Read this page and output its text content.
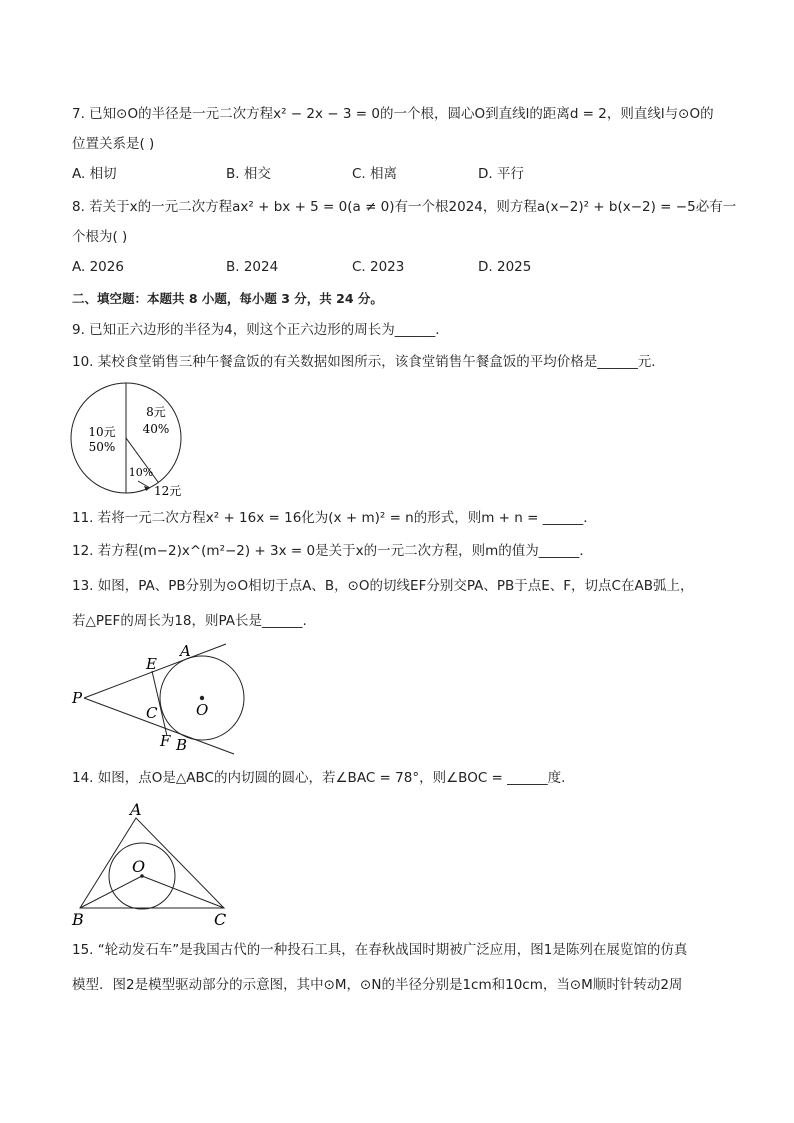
7. 已知⊙O的半径是一元二次方程x² − 2x − 3 = 0的一个根，圆心O到直线l的距离d = 2，则直线l与⊙O的
位置关系是( )
A. 相切	B. 相交	C. 相离	D. 平行
8. 若关于x的一元二次方程ax² + bx + 5 = 0(a ≠ 0)有一个根2024，则方程a(x−2)² + b(x−2) = −5必有一
个根为( )
A. 2026	B. 2024	C. 2023	D. 2025
二、填空题：本题共 8 小题，每小题 3 分，共 24 分。
9. 已知正六边形的半径为4，则这个正六边形的周长为______.
10. 某校食堂销售三种午餐盒饭的有关数据如图所示，该食堂销售午餐盒饭的平均价格是______元.
10元
50%
8元
40%
10%
12元
11. 若将一元二次方程x² + 16x = 16化为(x + m)² = n的形式，则m + n = ______.
12. 若方程(m−2)x^(m²−2) + 3x = 0是关于x的一元二次方程，则m的值为______.
13. 如图，PA、PB分别为⊙O相切于点A、B，⊙O的切线EF分别交PA、PB于点E、F，切点C在AB弧上，
若△PEF的周长为18，则PA长是______.
P
E
A
C	O
F B
14. 如图，点O是△ABC的内切圆的圆心，若∠BAC = 78°，则∠BOC = ______度.
A
O
B	C
15. “轮动发石车”是我国古代的一种投石工具，在春秋战国时期被广泛应用，图1是陈列在展览馆的仿真
模型．图2是模型驱动部分的示意图，其中⊙M，⊙N的半径分别是1cm和10cm，当⊙M顺时针转动2周
